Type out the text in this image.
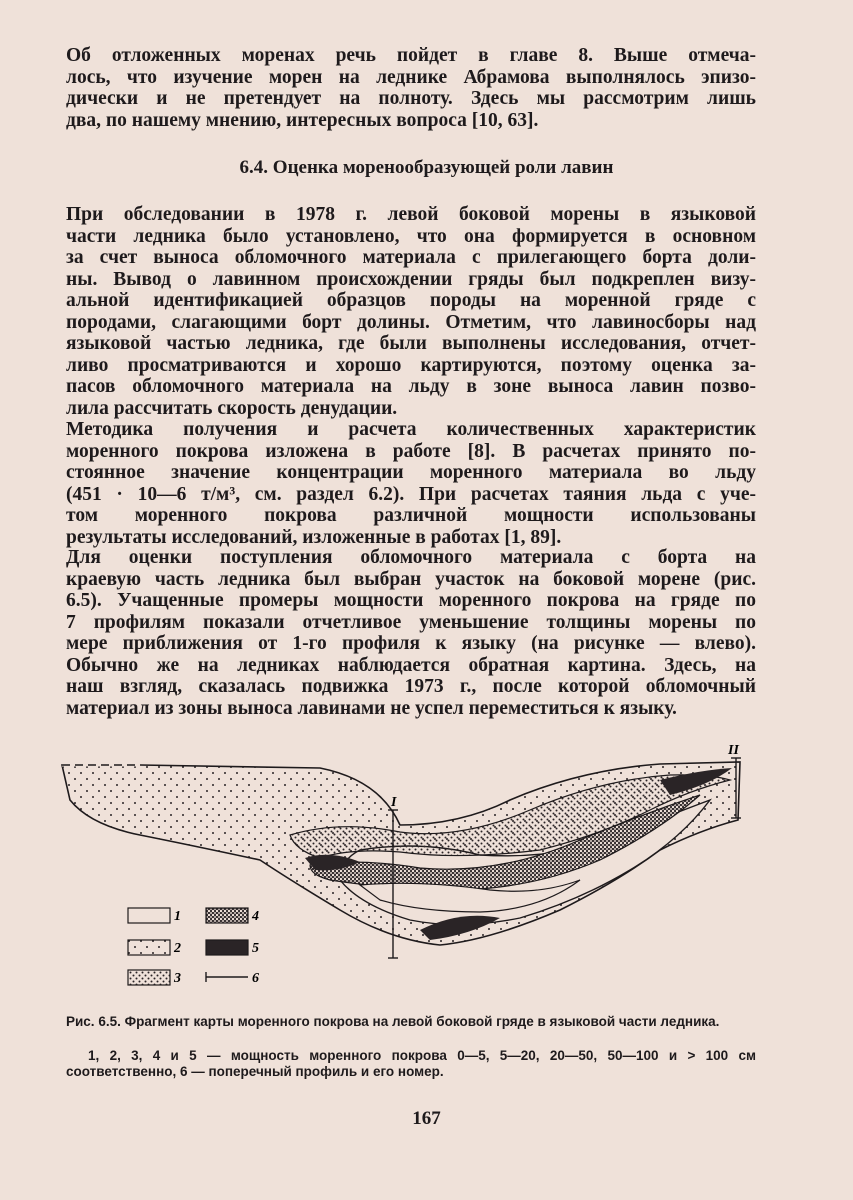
Об отложенных моренах речь пойдет в главе 8. Выше отмеча-
лось, что изучение морен на леднике Абрамова выполнялось эпизо-
дически и не претендует на полноту. Здесь мы рассмотрим лишь
два, по нашему мнению, интересных вопроса [10, 63].
6.4. Оценка моренообразующей роли лавин
При обследовании в 1978 г. левой боковой морены в языковой
части ледника было установлено, что она формируется в основном
за счет выноса обломочного материала с прилегающего борта доли-
ны. Вывод о лавинном происхождении гряды был подкреплен визу-
альной идентификацией образцов породы на моренной гряде с
породами, слагающими борт долины. Отметим, что лавиносборы над
языковой частью ледника, где были выполнены исследования, отчет-
ливо просматриваются и хорошо картируются, поэтому оценка за-
пасов обломочного материала на льду в зоне выноса лавин позво-
лила рассчитать скорость денудации.
Методика получения и расчета количественных характеристик
моренного покрова изложена в работе [8]. В расчетах принято по-
стоянное значение концентрации моренного материала во льду
(451 · 10—6 т/м³, см. раздел 6.2). При расчетах таяния льда с уче-
том моренного покрова различной мощности использованы
результаты исследований, изложенные в работах [1, 89].
Для оценки поступления обломочного материала с борта на
краевую часть ледника был выбран участок на боковой морене (рис.
6.5). Учащенные промеры мощности моренного покрова на гряде по
7 профилям показали отчетливое уменьшение толщины морены по
мере приближения от 1-го профиля к языку (на рисунке — влево).
Обычно же на ледниках наблюдается обратная картина. Здесь, на
наш взгляд, сказалась подвижка 1973 г., после которой обломочный
материал из зоны выноса лавинами не успел переместиться к языку.
I
II
1
2
3
4
5
6

Рис. 6.5. Фрагмент карты моренного покрова на левой боковой гряде в языковой части ледника.

1, 2, 3, 4 и 5 — мощность моренного покрова 0—5, 5—20, 20—50, 50—100 и > 100 см соответственно, 6 — поперечный профиль и его номер.

167
